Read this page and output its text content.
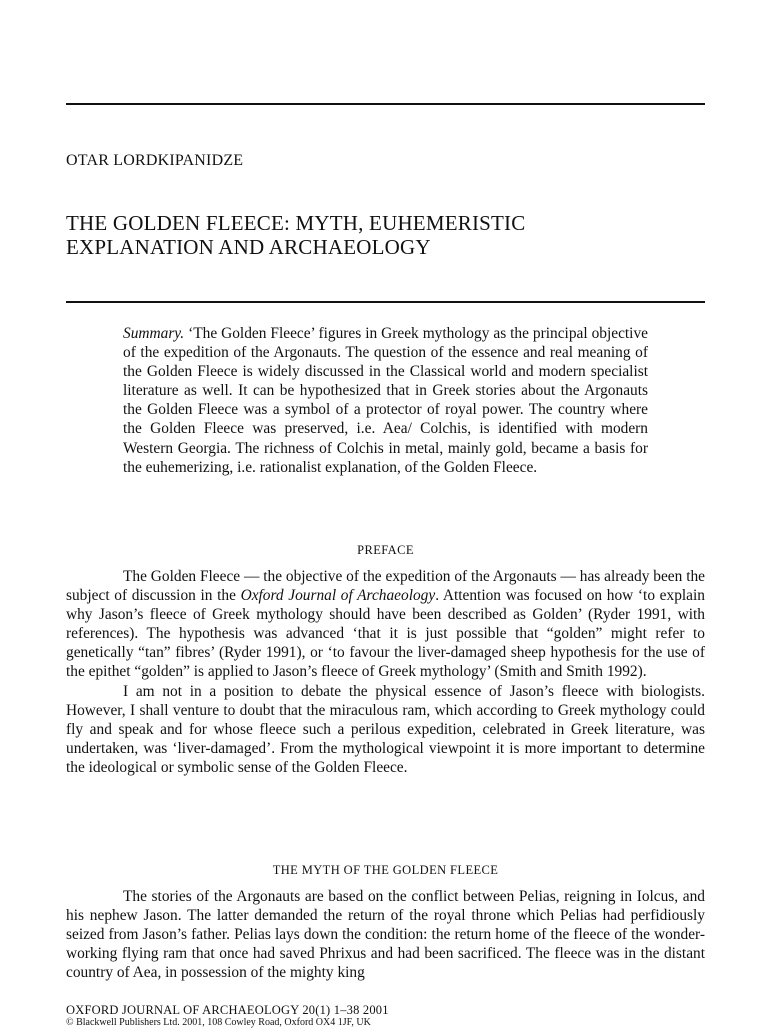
OTAR LORDKIPANIDZE
THE GOLDEN FLEECE: MYTH, EUHEMERISTIC
EXPLANATION AND ARCHAEOLOGY
Summary. ‘The Golden Fleece’ figures in Greek mythology as the principal objective of the expedition of the Argonauts. The question of the essence and real meaning of the Golden Fleece is widely discussed in the Classical world and modern specialist literature as well. It can be hypothesized that in Greek stories about the Argonauts the Golden Fleece was a symbol of a protector of royal power. The country where the Golden Fleece was preserved, i.e. Aea/ Colchis, is identified with modern Western Georgia. The richness of Colchis in metal, mainly gold, became a basis for the euhemerizing, i.e. rationalist explanation, of the Golden Fleece.
PREFACE

The Golden Fleece — the objective of the expedition of the Argonauts — has already been the subject of discussion in the Oxford Journal of Archaeology. Attention was focused on how ‘to explain why Jason’s fleece of Greek mythology should have been described as Golden’ (Ryder 1991, with references). The hypothesis was advanced ‘that it is just possible that “golden” might refer to genetically “tan” fibres’ (Ryder 1991), or ‘to favour the liver-damaged sheep hypothesis for the use of the epithet “golden” is applied to Jason’s fleece of Greek mythology’ (Smith and Smith 1992).

I am not in a position to debate the physical essence of Jason’s fleece with biologists. However, I shall venture to doubt that the miraculous ram, which according to Greek mythology could fly and speak and for whose fleece such a perilous expedition, celebrated in Greek literature, was undertaken, was ‘liver-damaged’. From the mythological viewpoint it is more important to determine the ideological or symbolic sense of the Golden Fleece.

THE MYTH OF THE GOLDEN FLEECE

The stories of the Argonauts are based on the conflict between Pelias, reigning in Iolcus, and his nephew Jason. The latter demanded the return of the royal throne which Pelias had perfidiously seized from Jason’s father. Pelias lays down the condition: the return home of the fleece of the wonder-working flying ram that once had saved Phrixus and had been sacrificed. The fleece was in the distant country of Aea, in possession of the mighty king

OXFORD JOURNAL OF ARCHAEOLOGY 20(1) 1–38 2001
© Blackwell Publishers Ltd. 2001, 108 Cowley Road, Oxford OX4 1JF, UK
